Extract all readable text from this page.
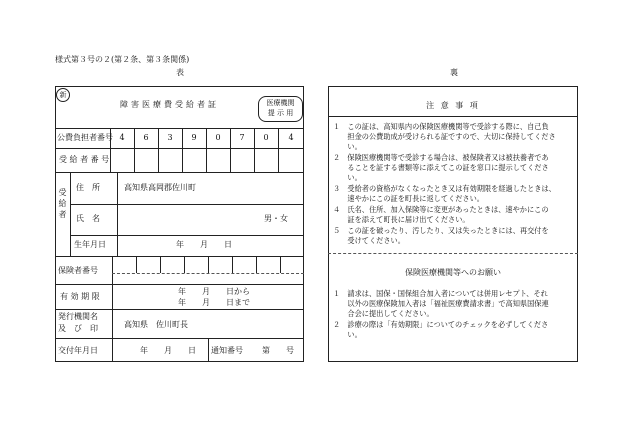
様式第３号の２(第２条、第３条関係)
表	裏
新
障害医療費受給者証	医療機関
提 示 用
公費負担者番号 4	6	3	9	0	7	0	4
受 給 者 番 号
受給者
住　所	高知県高岡郡佐川町
氏　名	男・女
生年月日	年　　月　　日
保険者番号
有 効 期 限
年　　月　　日から
年　　月　　日まで
発行機関名
及　び　印	高知県　佐川町長
交付年月日	年　　月　　日 通知番号 第　　号
注 意 事 項
１　この証は、高知県内の保険医療機関等で受診する際に、自己負
　　担金の公費助成が受けられる証ですので、大切に保持してくださ
　　い。
２　保険医療機関等で受診する場合は、被保険者又は被扶養者であ
　　ることを証する書類等に添えてこの証を窓口に提示してくださ
　　い。
３　受給者の資格がなくなったとき又は有効期限を経過したときは、
　　速やかにこの証を町長に返してください。
４　氏名、住所、加入保険等に変更があったときは、速やかにこの
　　証を添えて町長に届け出てください。
５　この証を破ったり、汚したり、又は失ったときには、再交付を
　　受けてください。
保険医療機関等へのお願い
１　請求は、国保・国保組合加入者については併用レセプト、それ
　　以外の医療保険加入者は「福祉医療費請求書」で高知県国保連
　　合会に提出してください。
２　診療の際は「有効期限」についてのチェックを必ずしてくださ
　　い。
